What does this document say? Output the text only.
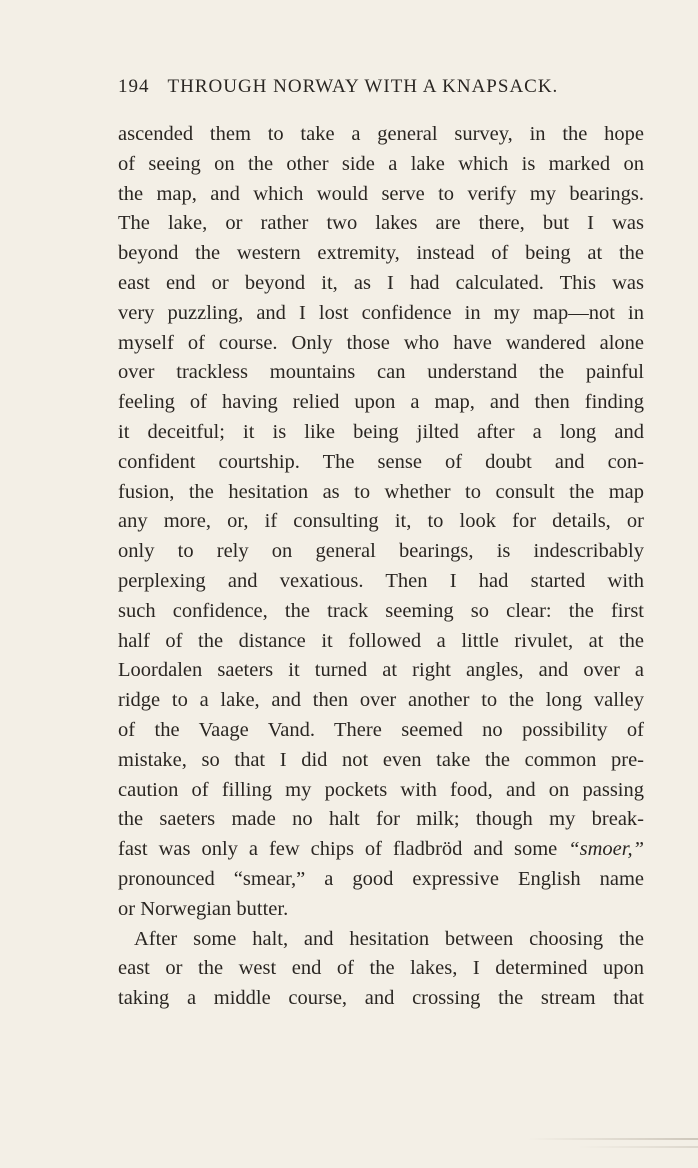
194 THROUGH NORWAY WITH A KNAPSACK.
ascended them to take a general survey, in the hope
of seeing on the other side a lake which is marked on
the map, and which would serve to verify my bearings.
The lake, or rather two lakes are there, but I was
beyond the western extremity, instead of being at the
east end or beyond it, as I had calculated. This was
very puzzling, and I lost confidence in my map—not in
myself of course. Only those who have wandered alone
over trackless mountains can understand the painful
feeling of having relied upon a map, and then finding
it deceitful; it is like being jilted after a long and
confident courtship. The sense of doubt and con-
fusion, the hesitation as to whether to consult the map
any more, or, if consulting it, to look for details, or
only to rely on general bearings, is indescribably
perplexing and vexatious. Then I had started with
such confidence, the track seeming so clear: the first
half of the distance it followed a little rivulet, at the
Loordalen saeters it turned at right angles, and over a
ridge to a lake, and then over another to the long valley
of the Vaage Vand. There seemed no possibility of
mistake, so that I did not even take the common pre-
caution of filling my pockets with food, and on passing
the saeters made no halt for milk; though my break-
fast was only a few chips of fladbröd and some “smoer,”
pronounced “smear,” a good expressive English name
or Norwegian butter.
After some halt, and hesitation between choosing the
east or the west end of the lakes, I determined upon
taking a middle course, and crossing the stream that
